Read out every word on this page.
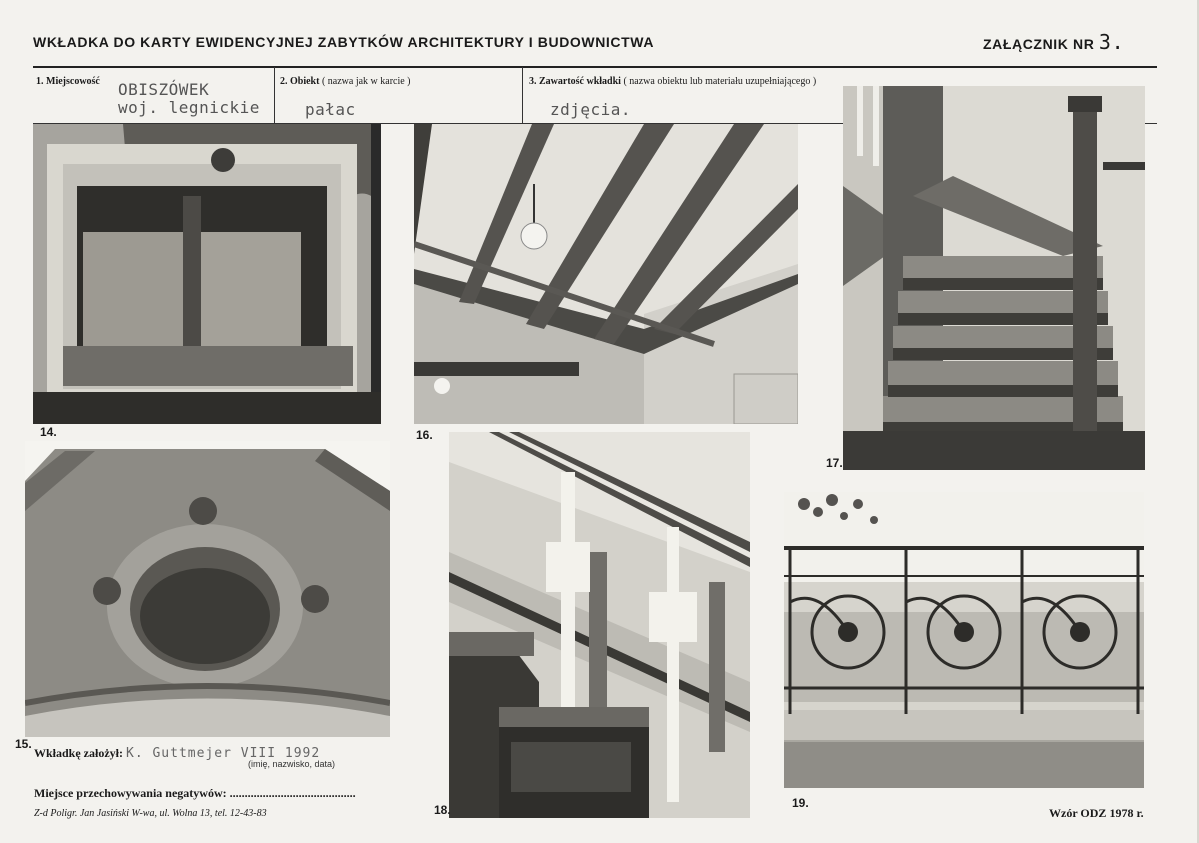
WKŁADKA DO KARTY EWIDENCYJNEJ ZABYTKÓW ARCHITEKTURY I BUDOWNICTWA	ZAŁĄCZNIK NR 3.
1. Miejscowość OBISZÓWEK
woj. legnickie
2. Obiekt ( nazwa jak w karcie )
pałac
3. Zawartość wkładki ( nazwa obiektu lub materiału uzupełniającego )
zdjęcia.
14.	16.
17.
15.
18.	19.
Wkładkę założył: K. Guttmejer VIII 1992
(imię, nazwisko, data)
Miejsce przechowywania negatywów: ..........................................
Z-d Poligr. Jan Jasiński W-wa, ul. Wolna 13, tel. 12-43-83	Wzór ODZ 1978 r.
